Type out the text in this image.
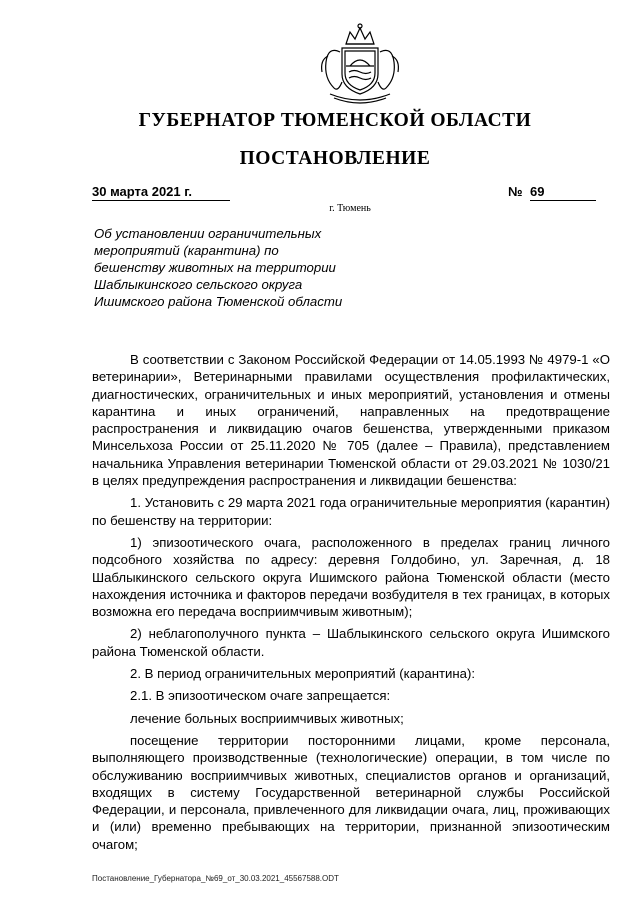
ГУБЕРНАТОР ТЮМЕНСКОЙ ОБЛАСТИ
ПОСТАНОВЛЕНИЕ
30 марта 2021 г.	№ 69
г. Тюмень
Об установлении ограничительных
мероприятий (карантина) по
бешенству животных на территории
Шаблыкинского сельского округа
Ишимского района Тюменской области

В соответствии с Законом Российской Федерации от 14.05.1993 № 4979-1 «О ветеринарии», Ветеринарными правилами осуществления профилактических, диагностических, ограничительных и иных мероприятий, установления и отмены карантина и иных ограничений, направленных на предотвращение распространения и ликвидацию очагов бешенства, утвержденными приказом Минсельхоза России от 25.11.2020 № 705 (далее – Правила), представлением начальника Управления ветеринарии Тюменской области от 29.03.2021 № 1030/21 в целях предупреждения распространения и ликвидации бешенства:

1. Установить с 29 марта 2021 года ограничительные мероприятия (карантин) по бешенству на территории:

1) эпизоотического очага, расположенного в пределах границ личного подсобного хозяйства по адресу: деревня Голдобино, ул. Заречная, д. 18 Шаблыкинского сельского округа Ишимского района Тюменской области (место нахождения источника и факторов передачи возбудителя в тех границах, в которых возможна его передача восприимчивым животным);

2) неблагополучного пункта – Шаблыкинского сельского округа Ишимского района Тюменской области.

2. В период ограничительных мероприятий (карантина):

2.1. В эпизоотическом очаге запрещается:

лечение больных восприимчивых животных;

посещение территории посторонними лицами, кроме персонала, выполняющего производственные (технологические) операции, в том числе по обслуживанию восприимчивых животных, специалистов органов и организаций, входящих в систему Государственной ветеринарной службы Российской Федерации, и персонала, привлеченного для ликвидации очага, лиц, проживающих и (или) временно пребывающих на территории, признанной эпизоотическим очагом;

Постановление_Губернатора_№69_от_30.03.2021_45567588.ODT
